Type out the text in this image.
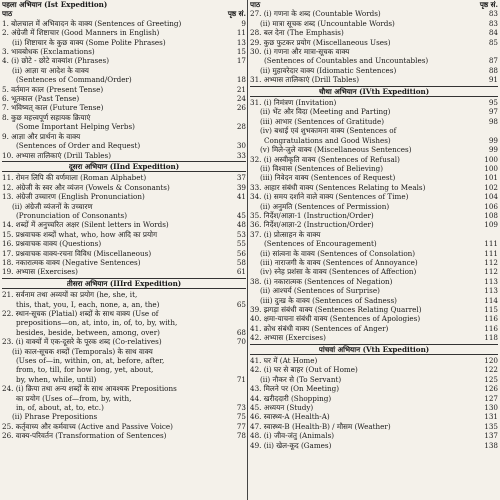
पहला अभियान (Ist Expedition)
पाठ	पृष्ठ सं.
1. बोलचाल में अभिवादन के वाक्य (Sentences of Greeting)	9
2. अंग्रेजी में शिष्टाचार (Good Manners in English)	11
(ii) शिष्टाचार के कुछ वाक्य (Some Polite Phrases)	13
3. भावबोधक (Exclamations)	15
4. (i) छोटे - छोटे वाक्यांश (Phrases)	17
(ii) आज्ञा या आदेश के वाक्य
(Sentences of Command/Order)	18
5. वर्तमान काल (Present Tense)	21
6. भूतकाल (Past Tense)	24
7. भविष्यत् काल (Future Tense)	26
8. कुछ महत्त्वपूर्ण सहायक क्रियाएं
(Some Important Helping Verbs)	28
9. आज्ञा और प्रार्थना के वाक्य
(Sentences of Order and Request)	30
10. अभ्यास तालिकाएं (Drill Tables)	33
दूसरा अभियान (IInd Expedition)
11. रोमन लिपि की वर्णमाला (Roman Alphabet)	37
12. अंग्रेजी के स्वर और व्यंजन (Vowels & Consonants)	39
13. अंग्रेजी उच्चारण (English Pronunciation)	41
(ii) अंग्रेजी व्यंजनों के उच्चारण
(Pronunciation of Consonants)	45
14. शब्दों में अनुच्चरित अक्षर (Silent letters in Words)	48
15. प्रश्नवाचक शब्दों what, who, how आदि का प्रयोग	53
16. प्रश्नवाचक वाक्य (Questions)	55
17. प्रश्नवाचक वाक्य-रचना विविध (Miscellaneous)	56
18. नकारात्मक वाक्य (Negative Sentences)	58
19. अभ्यास (Exercises)	61
तीसरा अभियान (IIIrd Expedition)
21. सर्वनाम तथा अव्ययों का प्रयोग (he, she, it,
this, that, you, I, each, none, a, an, the)	65
22. स्थान-सूचक (Platial) शब्दों के साथ वाक्य (Use of
prepositions—on, at, into, in, of, to, by, with,
besides, beside, between, among, over)	68
23. (i) वाक्यों में एक-दूसरे के पूरक शब्द (Co-relatives)	70
(ii) काल-सूचक शब्दों (Temporals) के साथ वाक्य
(Uses of—in, within, on, at, before, after,
from, to, till, for how long, yet, about,
by, when, while, until)	71
24. (i) क्रिया तथा अन्य शब्दों के साथ आवश्यक Prepositions
का प्रयोग (Uses of—from, by, with,
in, of, about, at, to, etc.)	73
(ii) Phrase Prepositions	75
25. कर्तृवाच्य और कर्मवाच्य (Active and Passive Voice)	77
26. वाक्य-परिवर्तन (Transformation of Sentences)	78
पाठ	पृष्ठ सं.
27. (i) गणना के शब्द (Countable Words)	83
(ii) मात्रा सूचक शब्द (Uncountable Words)	83
28. बल देना (The Emphasis)	84
29. कुछ फुटकर प्रयोग (Miscellaneous Uses)	85
30. (i) गणना और मात्रा-सूचक वाक्य
(Sentences of Countables and Uncountables)	87
(ii) मुहावरेदार वाक्य (Idiomatic Sentences)	88
31. अभ्यास तालिकाएं (Drill Tables)	91
चौथा अभियान (IVth Expedition)
31. (i) निमंत्रण (Invitation)	95
(ii) भेंट और विदा (Meeting and Parting)	97
(iii) आभार (Sentences of Gratitude)	98
(iv) बधाई एवं शुभकामना वाक्य (Sentences of
Congratulations and Good Wishes)	99
(v) मिले-जुले वाक्य (Miscellaneous Sentences)	99
32. (i) अस्वीकृति वाक्य (Sentences of Refusal)	100
(ii) विश्वास (Sentences of Believing)	100
(iii) निवेदन वाक्य (Sentences of Request)	101
33. आहार संबंधी वाक्य (Sentences Relating to Meals)	102
34. (i) समय दर्शाने वाले वाक्य (Sentences of Time)	104
(ii) अनुमति (Sentences of Permission)	106
35. निर्देश/आज्ञा-1 (Instruction/Order)	108
36. निर्देश/आज्ञा-2 (Instruction/Order)	109
37. (i) प्रोत्साहन के वाक्य
(Sentences of Encouragement)	111
(ii) सांत्वना के वाक्य (Sentences of Consolation)	111
(iii) नाराजगी के वाक्य (Sentences of Annoyance)	112
(iv) स्नेह प्रशंसा के वाक्य (Sentences of Affection)	112
38. (i) नकारात्मक (Sentences of Negation)	113
(ii) आश्चर्य (Sentences of Surprise)	113
(iii) दुःख के वाक्य (Sentences of Sadness)	114
39. झगड़ा संबंधी वाक्य (Sentences Relating Quarrel)	115
40. क्षमा-याचना संबंधी वाक्य (Sentences of Apologies)	116
41. क्रोध संबंधी वाक्य (Sentences of Anger)	116
42. अभ्यास (Exercises)	118
पांचवां अभियान (Vth Expedition)
41. घर में (At Home)	120
42. (i) घर से बाहर (Out of Home)	122
(ii) नौकर से (To Servant)	125
43. मिलने पर (On Meeting)	126
44. खरीददारी (Shopping)	127
45. अध्ययन (Study)	130
46. स्वास्थ्य-A (Health-A)	131
47. स्वास्थ्य-B (Health-B) / मौसम (Weather)	135
48. (i) जीव-जंतु (Animals)	137
49. (ii) खेल-कूद (Games)	138
